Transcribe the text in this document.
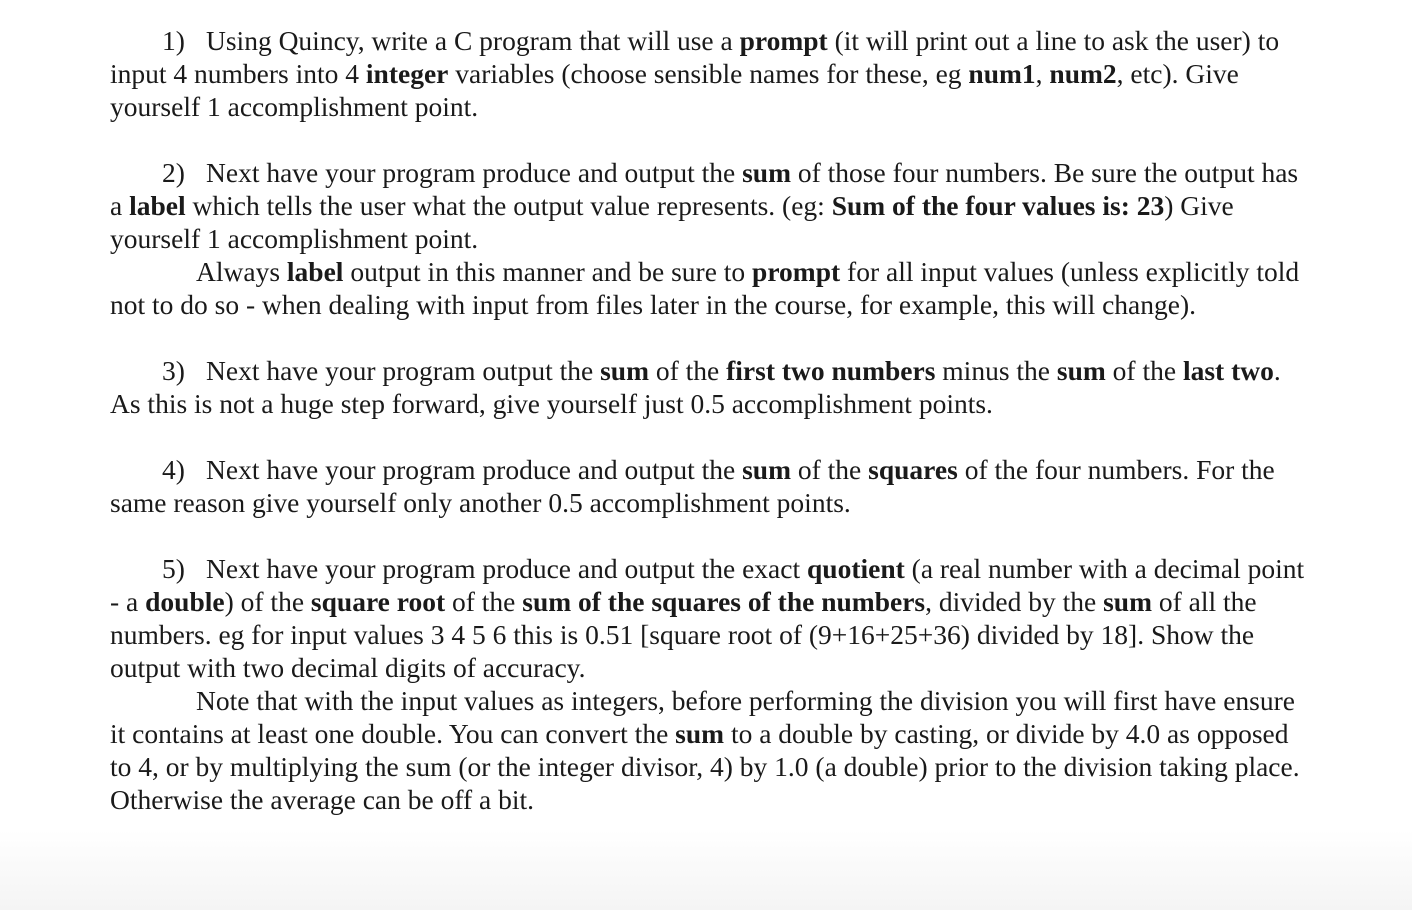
1) Using Quincy, write a C program that will use a prompt (it will print out a line to ask the user) to input 4 numbers into 4 integer variables (choose sensible names for these, eg num1, num2, etc). Give yourself 1 accomplishment point.

2) Next have your program produce and output the sum of those four numbers. Be sure the output has a label which tells the user what the output value represents. (eg: Sum of the four values is: 23) Give yourself 1 accomplishment point.

Always label output in this manner and be sure to prompt for all input values (unless explicitly told not to do so - when dealing with input from files later in the course, for example, this will change).

3) Next have your program output the sum of the first two numbers minus the sum of the last two. As this is not a huge step forward, give yourself just 0.5 accomplishment points.

4) Next have your program produce and output the sum of the squares of the four numbers. For the same reason give yourself only another 0.5 accomplishment points.

5) Next have your program produce and output the exact quotient (a real number with a decimal point - a double) of the square root of the sum of the squares of the numbers, divided by the sum of all the numbers. eg for input values 3 4 5 6 this is 0.51 [square root of (9+16+25+36) divided by 18]. Show the output with two decimal digits of accuracy.

Note that with the input values as integers, before performing the division you will first have ensure it contains at least one double. You can convert the sum to a double by casting, or divide by 4.0 as opposed to 4, or by multiplying the sum (or the integer divisor, 4) by 1.0 (a double) prior to the division taking place. Otherwise the average can be off a bit.
